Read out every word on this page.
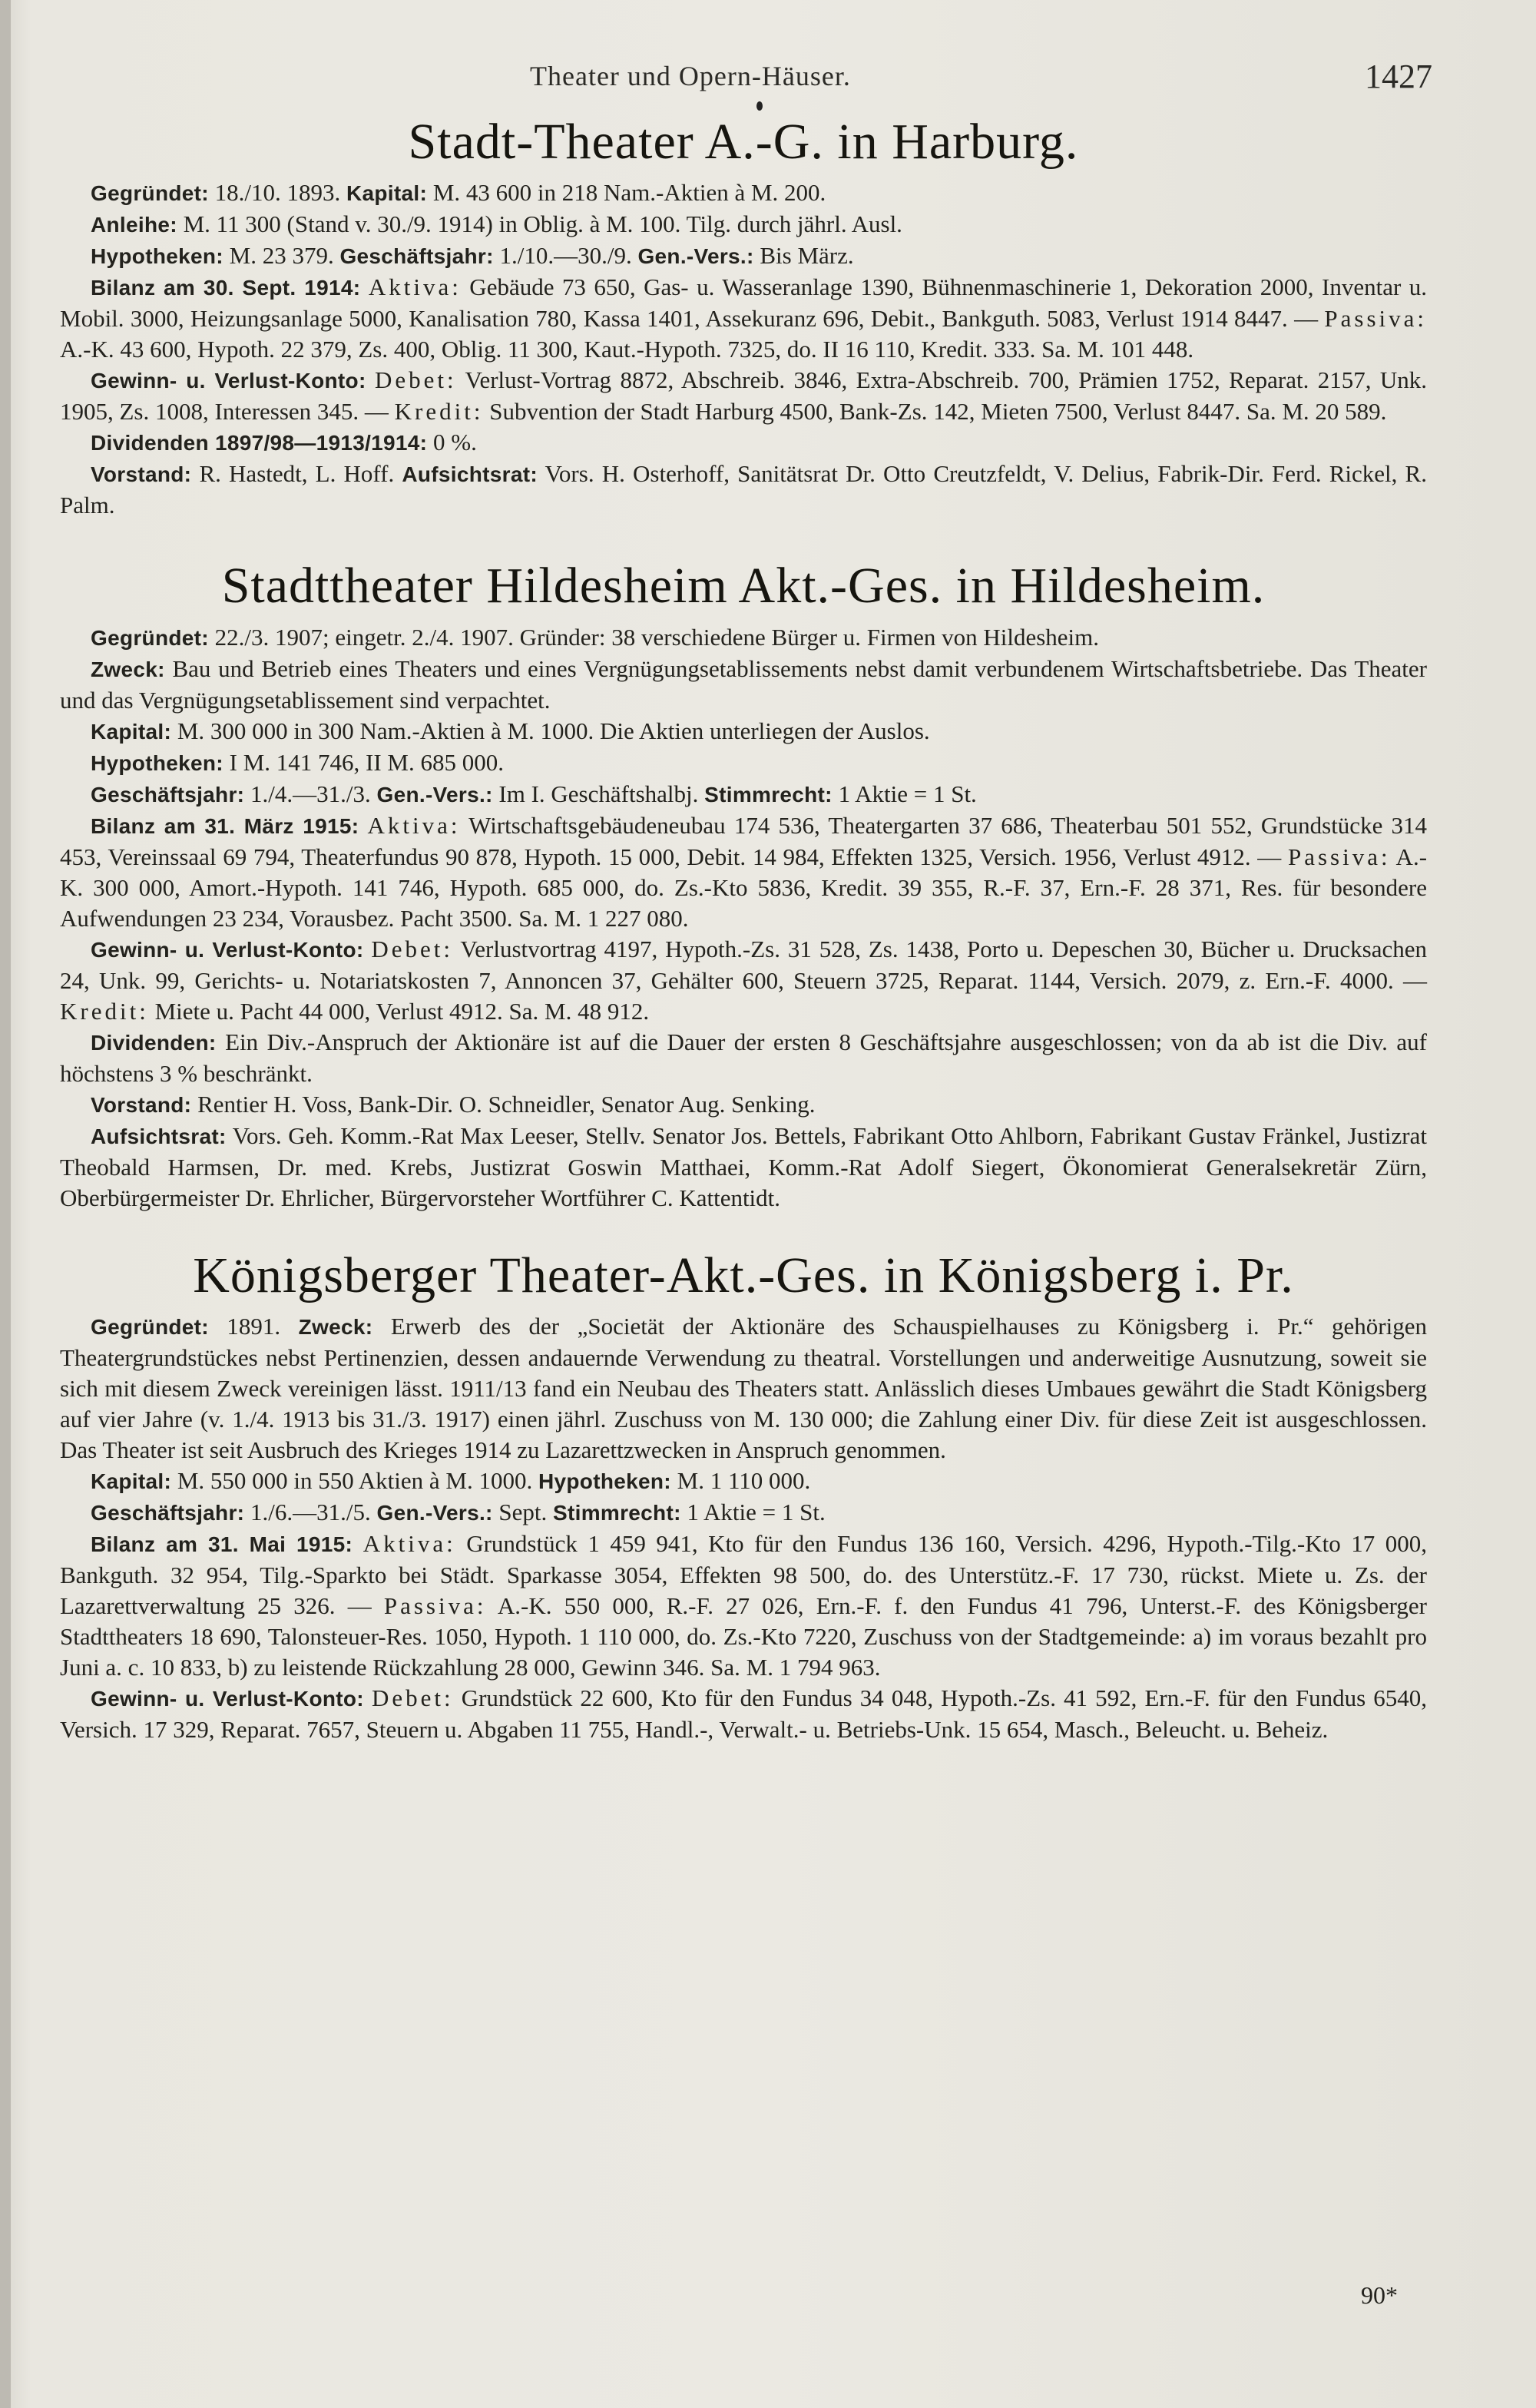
Theater und Opern-Häuser.	1427
Stadt-Theater A.-G. in Harburg.

Gegründet: 18./10. 1893. Kapital: M. 43 600 in 218 Nam.-Aktien à M. 200.

Anleihe: M. 11 300 (Stand v. 30./9. 1914) in Oblig. à M. 100. Tilg. durch jährl. Ausl.

Hypotheken: M. 23 379. Geschäftsjahr: 1./10.—30./9. Gen.-Vers.: Bis März.

Bilanz am 30. Sept. 1914: Aktiva: Gebäude 73 650, Gas- u. Wasseranlage 1390, Bühnenmaschinerie 1, Dekoration 2000, Inventar u. Mobil. 3000, Heizungsanlage 5000, Kanalisation 780, Kassa 1401, Assekuranz 696, Debit., Bankguth. 5083, Verlust 1914 8447. — Passiva: A.-K. 43 600, Hypoth. 22 379, Zs. 400, Oblig. 11 300, Kaut.-Hypoth. 7325, do. II 16 110, Kredit. 333. Sa. M. 101 448.

Gewinn- u. Verlust-Konto: Debet: Verlust-Vortrag 8872, Abschreib. 3846, Extra-Abschreib. 700, Prämien 1752, Reparat. 2157, Unk. 1905, Zs. 1008, Interessen 345. — Kredit: Subvention der Stadt Harburg 4500, Bank-Zs. 142, Mieten 7500, Verlust 8447. Sa. M. 20 589.

Dividenden 1897/98—1913/1914: 0 %.

Vorstand: R. Hastedt, L. Hoff. Aufsichtsrat: Vors. H. Osterhoff, Sanitätsrat Dr. Otto Creutzfeldt, V. Delius, Fabrik-Dir. Ferd. Rickel, R. Palm.

Stadttheater Hildesheim Akt.-Ges. in Hildesheim.

Gegründet: 22./3. 1907; eingetr. 2./4. 1907. Gründer: 38 verschiedene Bürger u. Firmen von Hildesheim.

Zweck: Bau und Betrieb eines Theaters und eines Vergnügungsetablissements nebst damit verbundenem Wirtschaftsbetriebe. Das Theater und das Vergnügungsetablissement sind verpachtet.

Kapital: M. 300 000 in 300 Nam.-Aktien à M. 1000. Die Aktien unterliegen der Auslos.

Hypotheken: I M. 141 746, II M. 685 000.

Geschäftsjahr: 1./4.—31./3. Gen.-Vers.: Im I. Geschäftshalbj. Stimmrecht: 1 Aktie = 1 St.

Bilanz am 31. März 1915: Aktiva: Wirtschaftsgebäudeneubau 174 536, Theatergarten 37 686, Theaterbau 501 552, Grundstücke 314 453, Vereinssaal 69 794, Theaterfundus 90 878, Hypoth. 15 000, Debit. 14 984, Effekten 1325, Versich. 1956, Verlust 4912. — Passiva: A.-K. 300 000, Amort.-Hypoth. 141 746, Hypoth. 685 000, do. Zs.-Kto 5836, Kredit. 39 355, R.-F. 37, Ern.-F. 28 371, Res. für besondere Aufwendungen 23 234, Vorausbez. Pacht 3500. Sa. M. 1 227 080.

Gewinn- u. Verlust-Konto: Debet: Verlustvortrag 4197, Hypoth.-Zs. 31 528, Zs. 1438, Porto u. Depeschen 30, Bücher u. Drucksachen 24, Unk. 99, Gerichts- u. Notariatskosten 7, Annoncen 37, Gehälter 600, Steuern 3725, Reparat. 1144, Versich. 2079, z. Ern.-F. 4000. — Kredit: Miete u. Pacht 44 000, Verlust 4912. Sa. M. 48 912.

Dividenden: Ein Div.-Anspruch der Aktionäre ist auf die Dauer der ersten 8 Geschäftsjahre ausgeschlossen; von da ab ist die Div. auf höchstens 3 % beschränkt.

Vorstand: Rentier H. Voss, Bank-Dir. O. Schneidler, Senator Aug. Senking.

Aufsichtsrat: Vors. Geh. Komm.-Rat Max Leeser, Stellv. Senator Jos. Bettels, Fabrikant Otto Ahlborn, Fabrikant Gustav Fränkel, Justizrat Theobald Harmsen, Dr. med. Krebs, Justizrat Goswin Matthaei, Komm.-Rat Adolf Siegert, Ökonomierat Generalsekretär Zürn, Oberbürgermeister Dr. Ehrlicher, Bürgervorsteher Wortführer C. Kattentidt.

Königsberger Theater-Akt.-Ges. in Königsberg i. Pr.

Gegründet: 1891. Zweck: Erwerb des der „Societät der Aktionäre des Schauspielhauses zu Königsberg i. Pr.“ gehörigen Theatergrundstückes nebst Pertinenzien, dessen andauernde Verwendung zu theatral. Vorstellungen und anderweitige Ausnutzung, soweit sie sich mit diesem Zweck vereinigen lässt. 1911/13 fand ein Neubau des Theaters statt. Anlässlich dieses Umbaues gewährt die Stadt Königsberg auf vier Jahre (v. 1./4. 1913 bis 31./3. 1917) einen jährl. Zuschuss von M. 130 000; die Zahlung einer Div. für diese Zeit ist ausgeschlossen. Das Theater ist seit Ausbruch des Krieges 1914 zu Lazarettzwecken in Anspruch genommen.

Kapital: M. 550 000 in 550 Aktien à M. 1000. Hypotheken: M. 1 110 000.

Geschäftsjahr: 1./6.—31./5. Gen.-Vers.: Sept. Stimmrecht: 1 Aktie = 1 St.

Bilanz am 31. Mai 1915: Aktiva: Grundstück 1 459 941, Kto für den Fundus 136 160, Versich. 4296, Hypoth.-Tilg.-Kto 17 000, Bankguth. 32 954, Tilg.-Sparkto bei Städt. Sparkasse 3054, Effekten 98 500, do. des Unterstütz.-F. 17 730, rückst. Miete u. Zs. der Lazarettverwaltung 25 326. — Passiva: A.-K. 550 000, R.-F. 27 026, Ern.-F. f. den Fundus 41 796, Unterst.-F. des Königsberger Stadttheaters 18 690, Talonsteuer-Res. 1050, Hypoth. 1 110 000, do. Zs.-Kto 7220, Zuschuss von der Stadtgemeinde: a) im voraus bezahlt pro Juni a. c. 10 833, b) zu leistende Rückzahlung 28 000, Gewinn 346. Sa. M. 1 794 963.

Gewinn- u. Verlust-Konto: Debet: Grundstück 22 600, Kto für den Fundus 34 048, Hypoth.-Zs. 41 592, Ern.-F. für den Fundus 6540, Versich. 17 329, Reparat. 7657, Steuern u. Abgaben 11 755, Handl.-, Verwalt.- u. Betriebs-Unk. 15 654, Masch., Beleucht. u. Beheiz.

90*
